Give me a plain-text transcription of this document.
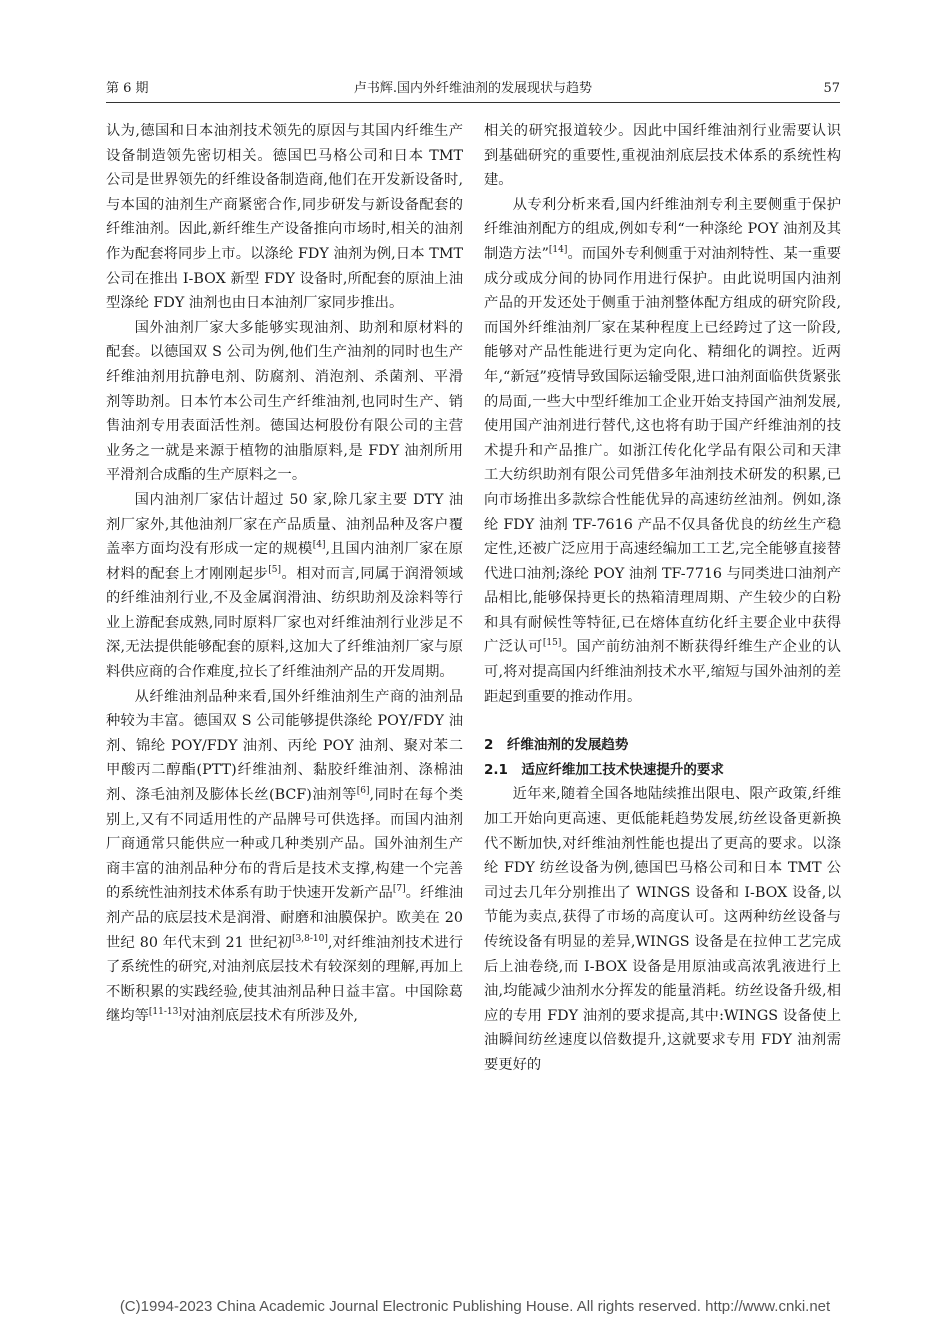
第 6 期	卢书辉.国内外纤维油剂的发展现状与趋势	57

认为,德国和日本油剂技术领先的原因与其国内纤维生产设备制造领先密切相关。德国巴马格公司和日本 TMT 公司是世界领先的纤维设备制造商,他们在开发新设备时,与本国的油剂生产商紧密合作,同步研发与新设备配套的纤维油剂。因此,新纤维生产设备推向市场时,相关的油剂作为配套将同步上市。以涤纶 FDY 油剂为例,日本 TMT 公司在推出 I-BOX 新型 FDY 设备时,所配套的原油上油型涤纶 FDY 油剂也由日本油剂厂家同步推出。

国外油剂厂家大多能够实现油剂、助剂和原材料的配套。以德国双 S 公司为例,他们生产油剂的同时也生产纤维油剂用抗静电剂、防腐剂、消泡剂、杀菌剂、平滑剂等助剂。日本竹本公司生产纤维油剂,也同时生产、销售油剂专用表面活性剂。德国达柯股份有限公司的主营业务之一就是来源于植物的油脂原料,是 FDY 油剂所用平滑剂合成酯的生产原料之一。

国内油剂厂家估计超过 50 家,除几家主要 DTY 油剂厂家外,其他油剂厂家在产品质量、油剂品种及客户覆盖率方面均没有形成一定的规模[4],且国内油剂厂家在原材料的配套上才刚刚起步[5]。相对而言,同属于润滑领域的纤维油剂行业,不及金属润滑油、纺织助剂及涂料等行业上游配套成熟,同时原料厂家也对纤维油剂行业涉足不深,无法提供能够配套的原料,这加大了纤维油剂厂家与原料供应商的合作难度,拉长了纤维油剂产品的开发周期。

从纤维油剂品种来看,国外纤维油剂生产商的油剂品种较为丰富。德国双 S 公司能够提供涤纶 POY/FDY 油剂、锦纶 POY/FDY 油剂、丙纶 POY 油剂、聚对苯二甲酸丙二醇酯(PTT)纤维油剂、黏胶纤维油剂、涤棉油剂、涤毛油剂及膨体长丝(BCF)油剂等[6],同时在每个类别上,又有不同适用性的产品牌号可供选择。而国内油剂厂商通常只能供应一种或几种类别产品。国外油剂生产商丰富的油剂品种分布的背后是技术支撑,构建一个完善的系统性油剂技术体系有助于快速开发新产品[7]。纤维油剂产品的底层技术是润滑、耐磨和油膜保护。欧美在 20 世纪 80 年代末到 21 世纪初[3,8-10],对纤维油剂技术进行了系统性的研究,对油剂底层技术有较深刻的理解,再加上不断积累的实践经验,使其油剂品种日益丰富。中国除葛继均等[11-13]对油剂底层技术有所涉及外,

相关的研究报道较少。因此中国纤维油剂行业需要认识到基础研究的重要性,重视油剂底层技术体系的系统性构建。

从专利分析来看,国内纤维油剂专利主要侧重于保护纤维油剂配方的组成,例如专利“一种涤纶 POY 油剂及其制造方法”[14]。而国外专利侧重于对油剂特性、某一重要成分或成分间的协同作用进行保护。由此说明国内油剂产品的开发还处于侧重于油剂整体配方组成的研究阶段,而国外纤维油剂厂家在某种程度上已经跨过了这一阶段,能够对产品性能进行更为定向化、精细化的调控。近两年,“新冠”疫情导致国际运输受限,进口油剂面临供货紧张的局面,一些大中型纤维加工企业开始支持国产油剂发展,使用国产油剂进行替代,这也将有助于国产纤维油剂的技术提升和产品推广。如浙江传化化学品有限公司和天津工大纺织助剂有限公司凭借多年油剂技术研发的积累,已向市场推出多款综合性能优异的高速纺丝油剂。例如,涤纶 FDY 油剂 TF-7616 产品不仅具备优良的纺丝生产稳定性,还被广泛应用于高速经编加工工艺,完全能够直接替代进口油剂;涤纶 POY 油剂 TF-7716 与同类进口油剂产品相比,能够保持更长的热箱清理周期、产生较少的白粉和具有耐候性等特征,已在熔体直纺化纤主要企业中获得广泛认可[15]。国产前纺油剂不断获得纤维生产企业的认可,将对提高国内纤维油剂技术水平,缩短与国外油剂的差距起到重要的推动作用。

2 纤维油剂的发展趋势

2.1 适应纤维加工技术快速提升的要求

近年来,随着全国各地陆续推出限电、限产政策,纤维加工开始向更高速、更低能耗趋势发展,纺丝设备更新换代不断加快,对纤维油剂性能也提出了更高的要求。以涤纶 FDY 纺丝设备为例,德国巴马格公司和日本 TMT 公司过去几年分别推出了 WINGS 设备和 I-BOX 设备,以节能为卖点,获得了市场的高度认可。这两种纺丝设备与传统设备有明显的差异,WINGS 设备是在拉伸工艺完成后上油卷绕,而 I-BOX 设备是用原油或高浓乳液进行上油,均能减少油剂水分挥发的能量消耗。纺丝设备升级,相应的专用 FDY 油剂的要求提高,其中:WINGS 设备使上油瞬间纺丝速度以倍数提升,这就要求专用 FDY 油剂需要更好的

(C)1994-2023 China Academic Journal Electronic Publishing House. All rights reserved. http://www.cnki.net
